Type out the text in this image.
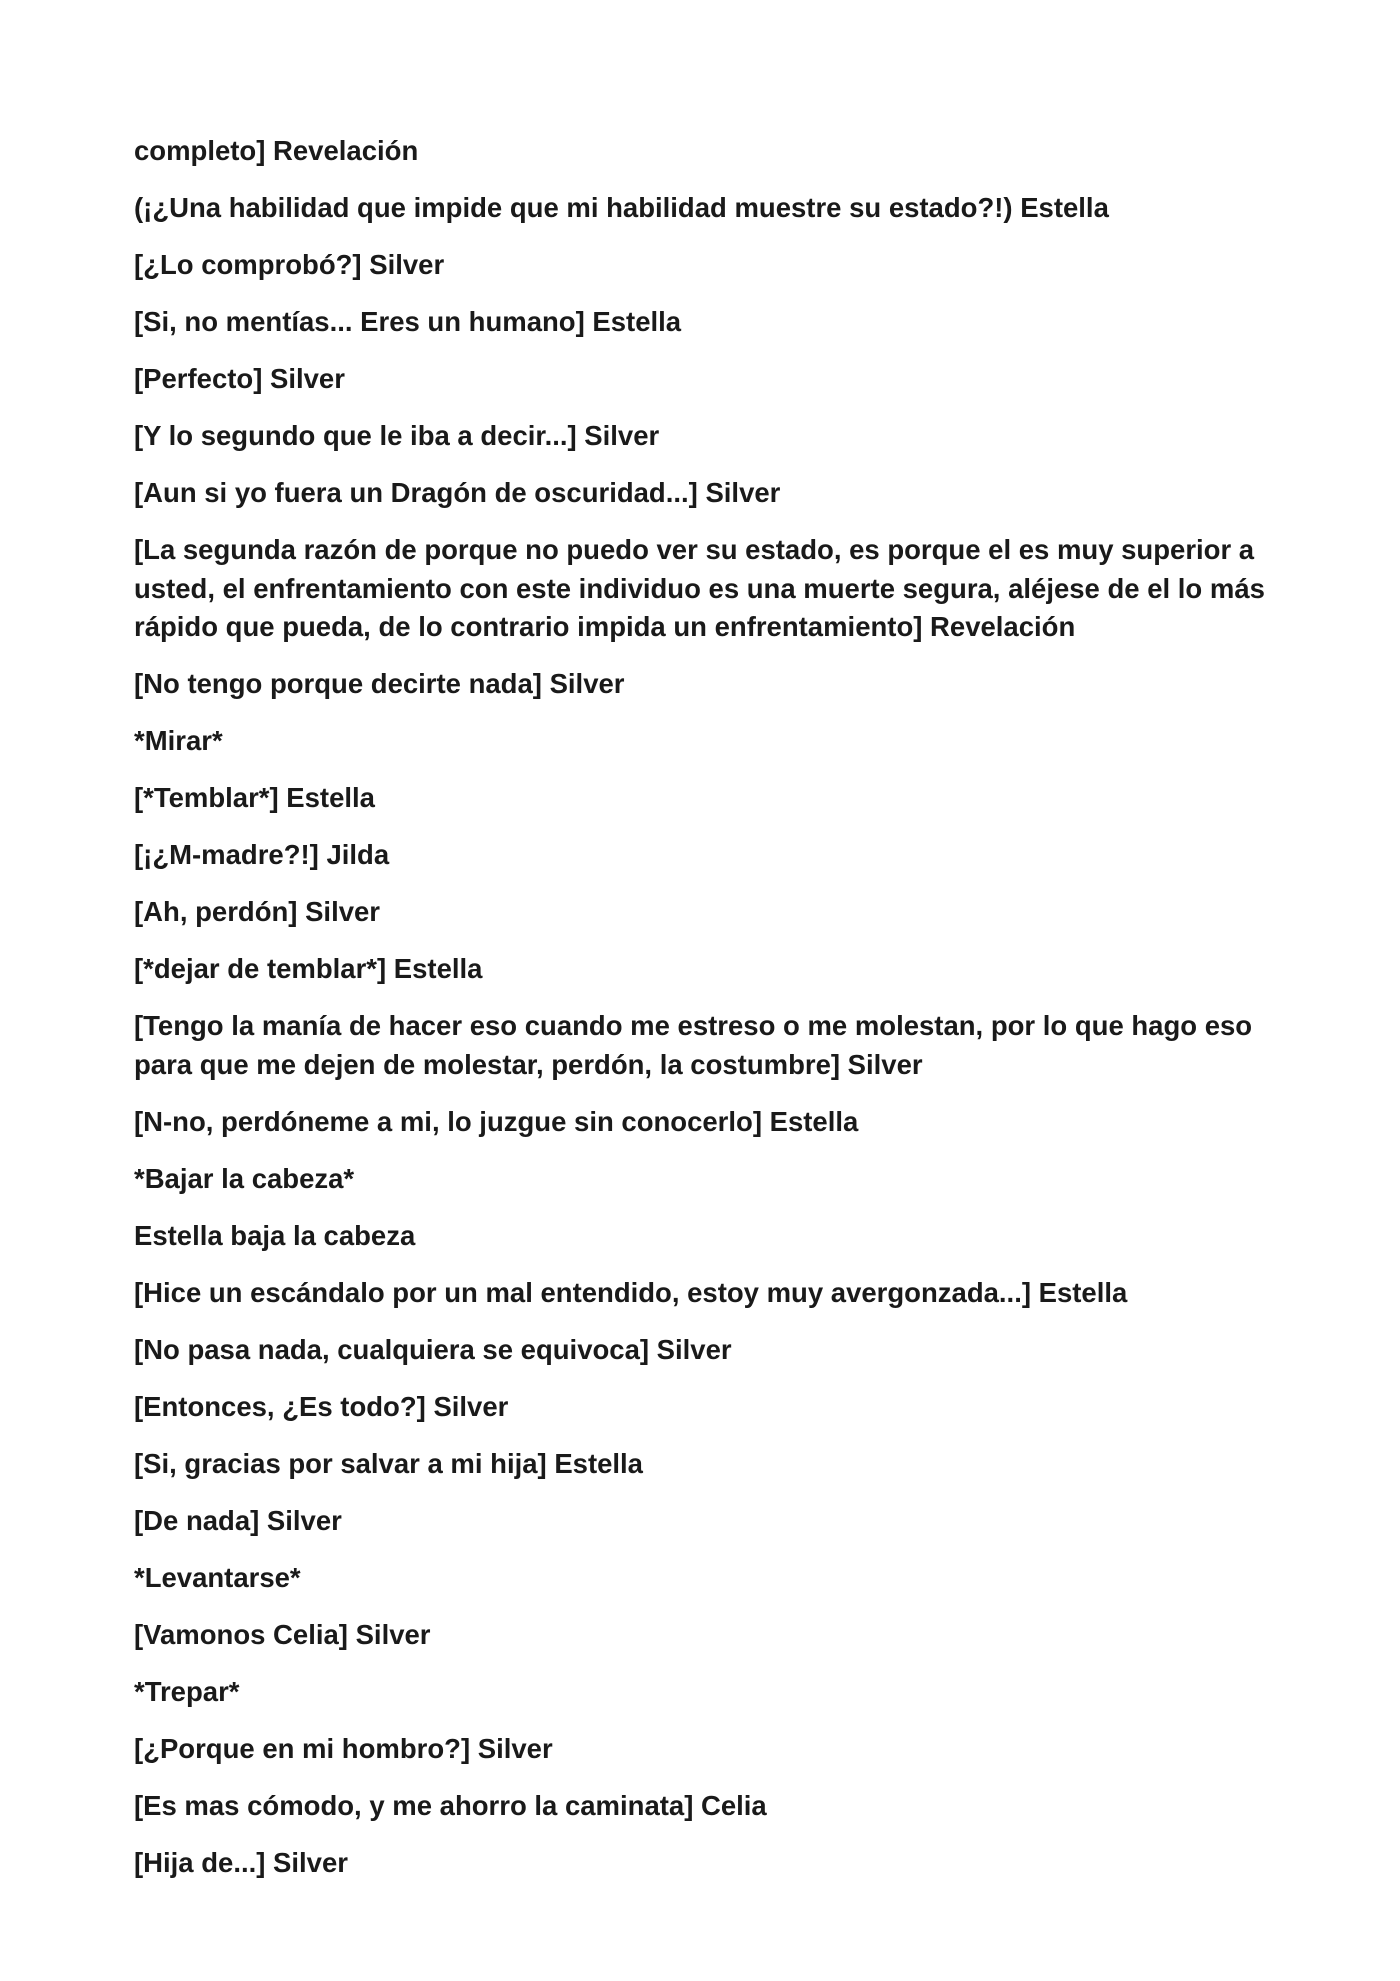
completo] Revelación

(¡¿Una habilidad que impide que mi habilidad muestre su estado?!) Estella

[¿Lo comprobó?] Silver

[Si, no mentías... Eres un humano] Estella

[Perfecto] Silver

[Y lo segundo que le iba a decir...] Silver

[Aun si yo fuera un Dragón de oscuridad...] Silver

[La segunda razón de porque no puedo ver su estado, es porque el es muy superior a usted, el enfrentamiento con este individuo es una muerte segura, aléjese de el lo más rápido que pueda, de lo contrario impida un enfrentamiento] Revelación

[No tengo porque decirte nada] Silver

*Mirar*

[*Temblar*] Estella

[¡¿M-madre?!] Jilda

[Ah, perdón] Silver

[*dejar de temblar*] Estella

[Tengo la manía de hacer eso cuando me estreso o me molestan, por lo que hago eso para que me dejen de molestar, perdón, la costumbre] Silver

[N-no, perdóneme a mi, lo juzgue sin conocerlo] Estella

*Bajar la cabeza*

Estella baja la cabeza

[Hice un escándalo por un mal entendido, estoy muy avergonzada...] Estella

[No pasa nada, cualquiera se equivoca] Silver

[Entonces, ¿Es todo?] Silver

[Si, gracias por salvar a mi hija] Estella

[De nada] Silver

*Levantarse*

[Vamonos Celia] Silver

*Trepar*

[¿Porque en mi hombro?] Silver

[Es mas cómodo, y me ahorro la caminata] Celia

[Hija de...] Silver
